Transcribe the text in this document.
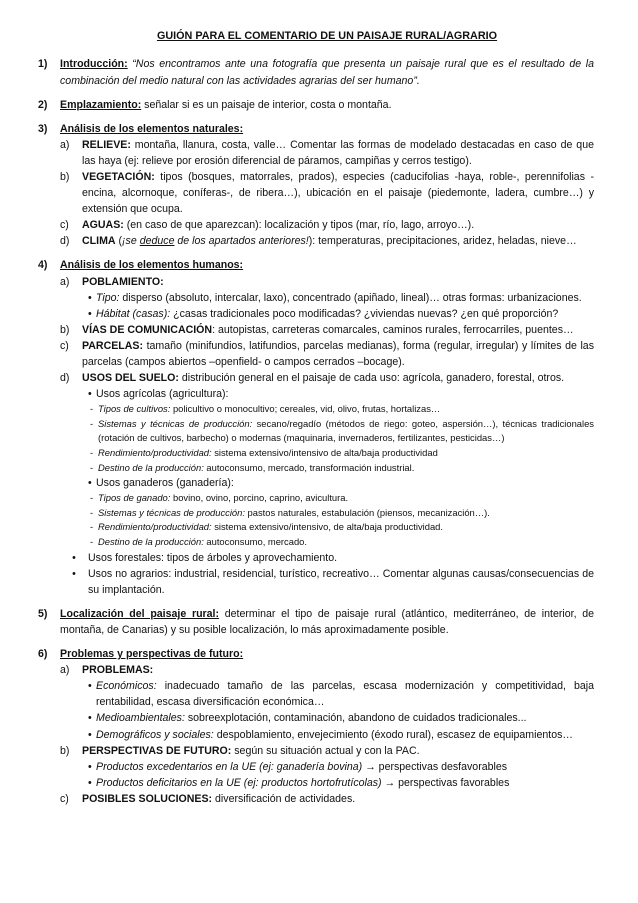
GUIÓN PARA EL COMENTARIO DE UN PAISAJE RURAL/AGRARIO
1)	Introducción: “Nos encontramos ante una fotografía que presenta un paisaje rural que es el resultado de la combinación del medio natural con las actividades agrarias del ser humano”.
2)	Emplazamiento: señalar si es un paisaje de interior, costa o montaña.
3)	Análisis de los elementos naturales:
a)	RELIEVE: montaña, llanura, costa, valle… Comentar las formas de modelado destacadas en caso de que las haya (ej: relieve por erosión diferencial de páramos, campiñas y cerros testigo).
b)	VEGETACIÓN: tipos (bosques, matorrales, prados), especies (caducifolias -haya, roble-, perennifolias - encina, alcornoque, coníferas-, de ribera…), ubicación en el paisaje (piedemonte, ladera, cumbre…) y extensión que ocupa.
c)	AGUAS: (en caso de que aparezcan): localización y tipos (mar, río, lago, arroyo…).
d)	CLIMA (¡se deduce de los apartados anteriores!): temperaturas, precipitaciones, aridez, heladas, nieve…
4)	Análisis de los elementos humanos:
a)	POBLAMIENTO:
• Tipo: disperso (absoluto, intercalar, laxo), concentrado (apiñado, lineal)… otras formas: urbanizaciones.
• Hábitat (casas): ¿casas tradicionales poco modificadas? ¿viviendas nuevas? ¿en qué proporción?
b)	VÍAS DE COMUNICACIÓN: autopistas, carreteras comarcales, caminos rurales, ferrocarriles, puentes…
c)	PARCELAS: tamaño (minifundios, latifundios, parcelas medianas), forma (regular, irregular) y límites de las parcelas (campos abiertos –openfield- o campos cerrados –bocage).
d)	USOS DEL SUELO: distribución general en el paisaje de cada uso: agrícola, ganadero, forestal, otros.
• Usos agrícolas (agricultura):
- Tipos de cultivos: policultivo o monocultivo; cereales, vid, olivo, frutas, hortalizas…
- Sistemas y técnicas de producción: secano/regadío (métodos de riego: goteo, aspersión…), técnicas tradicionales (rotación de cultivos, barbecho) o modernas (maquinaria, invernaderos, fertilizantes, pesticidas…)
- Rendimiento/productividad: sistema extensivo/intensivo de alta/baja productividad
- Destino de la producción: autoconsumo, mercado, transformación industrial.
• Usos ganaderos (ganadería):
- Tipos de ganado: bovino, ovino, porcino, caprino, avicultura.
- Sistemas y técnicas de producción: pastos naturales, estabulación (piensos, mecanización…).
- Rendimiento/productividad: sistema extensivo/intensivo, de alta/baja productividad.
- Destino de la producción: autoconsumo, mercado.
•	Usos forestales: tipos de árboles y aprovechamiento.
•	Usos no agrarios: industrial, residencial, turístico, recreativo… Comentar algunas causas/consecuencias de su implantación.
5)	Localización del paisaje rural: determinar el tipo de paisaje rural (atlántico, mediterráneo, de interior, de montaña, de Canarias) y su posible localización, lo más aproximadamente posible.
6)	Problemas y perspectivas de futuro:
a)	PROBLEMAS:
• Económicos: inadecuado tamaño de las parcelas, escasa modernización y competitividad, baja rentabilidad, escasa diversificación económica…
• Medioambientales: sobreexplotación, contaminación, abandono de cuidados tradicionales...
• Demográficos y sociales: despoblamiento, envejecimiento (éxodo rural), escasez de equipamientos…
b)	PERSPECTIVAS DE FUTURO: según su situación actual y con la PAC.
• Productos excedentarios en la UE (ej: ganadería bovina) → perspectivas desfavorables
• Productos deficitarios en la UE (ej: productos hortofrutícolas) → perspectivas favorables
c)	POSIBLES SOLUCIONES: diversificación de actividades.
